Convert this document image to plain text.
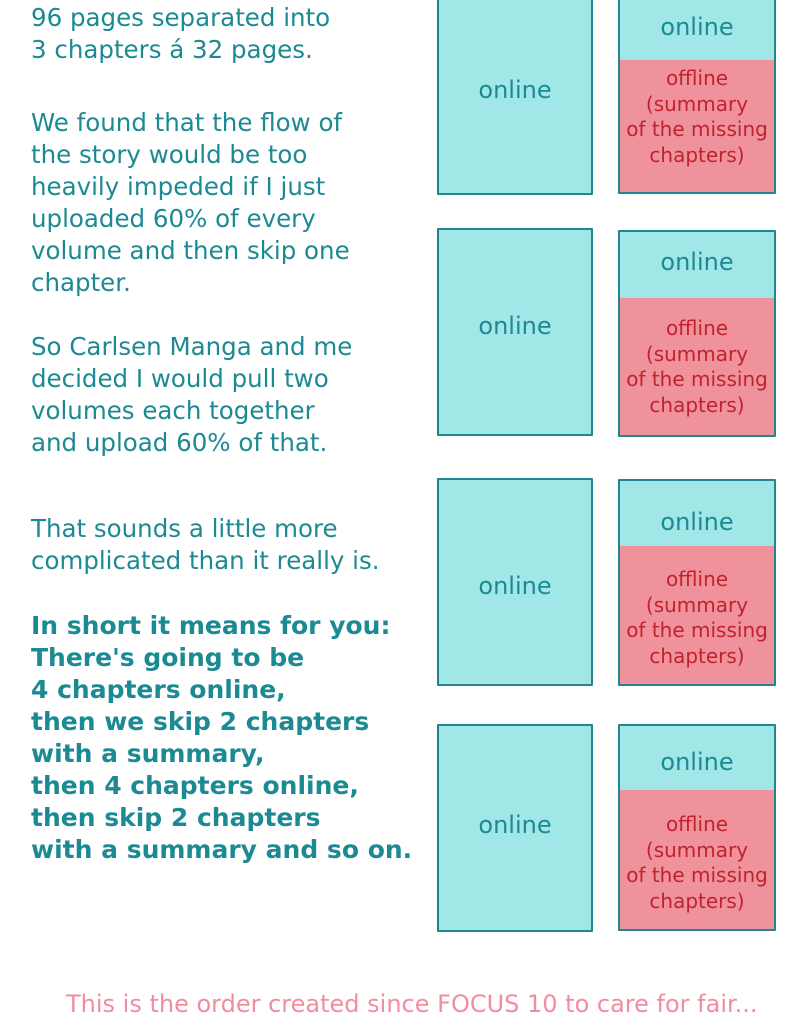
96 pages separated into
3 chapters á 32 pages.

We found that the flow of
the story would be too
heavily impeded if I just
uploaded 60% of every
volume and then skip one
chapter.

So Carlsen Manga and me
decided I would pull two
volumes each together
and upload 60% of that.

That sounds a little more
complicated than it really is.

In short it means for you:
There's going to be
4 chapters online,
then we skip 2 chapters
with a summary,
then 4 chapters online,
then skip 2 chapters
with a summary and so on.

online
online
offline
(summary
of the missing
chapters)
online
online
offline
(summary
of the missing
chapters)
online
online
offline
(summary
of the missing
chapters)
online
online
offline
(summary
of the missing
chapters)

This is the order created since FOCUS 10 to care for fair...
